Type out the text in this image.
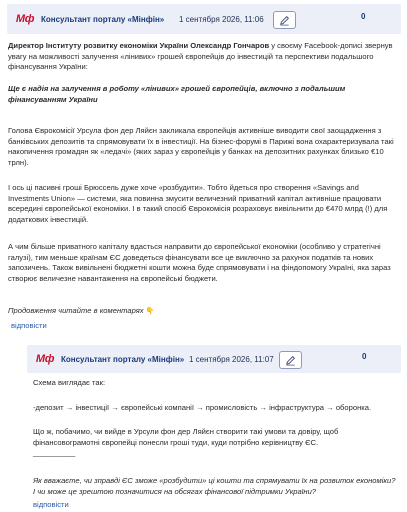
Мф Консультант порталу «Мінфін» 1 сентября 2026, 11:06	0
Директор Інституту розвитку економіки України Олександр Гончаров у своєму Facebook-дописі звернув увагу на можливості залучення «лінивих» грошей європейців до інвестицій та перспективи подальшого фінансування України:
Ще є надія на залучення в роботу «лінивих» грошей європейців, включно з подальшим фінансуванням України
Голова Єврокомісії Урсула фон дер Ляйєн закликала європейців активніше виводити свої заощадження з банківських депозитів та спрямовувати їх в інвестиції. На бізнес-форумі в Парижі вона охарактеризувала такі накопичення громадян як «ледачі» (яких зараз у європейців у банках на депозитних рахунках близько €10 трлн).
І ось ці пасивні гроші Брюссель дуже хоче «розбудити». Тобто йдеться про створення «Savings and Investments Union» — системи, яка повинна змусити величезний приватний капітал активніше працювати всередині європейської економіки. І в такий спосіб Єврокомісія розраховує вивільнити до €470 млрд (!) для додаткових інвестицій.
А чим більше приватного капіталу вдасться направити до європейської економіки (особливо у стратегічні галузі), тим меньше країнам ЄС доведеться фінансувати все це виключно за рахунок податків та нових запозичень. Також вивільнені бюджетні кошти можна буде спрямовувати і на фіндопомогу Україні, яка зараз створює величезне навантаження на європейські бюджети.
Продовження читайте в коментарях 👇
відповісти
Мф Консультант порталу «Мінфін» 1 сентября 2026, 11:07	0
Схема виглядає так:
-депозит → інвестиції → європейські компанії → промисловість → інфраструктура → оборонка.
Що ж, побачимо, чи вийде в Урсули фон дер Ляйєн створити такі умови та довіру, щоб фінансовограмотні європейці понесли гроші туди, куди потрібно керівництву ЄС.
__________
Як вважаєте, чи зправді ЄС зможе «розбудити» ці кошти та спрямувати їх на розвиток економіки? І чи може це зрештою позначитися на обсягах фінансової підтримки України?
відповісти
